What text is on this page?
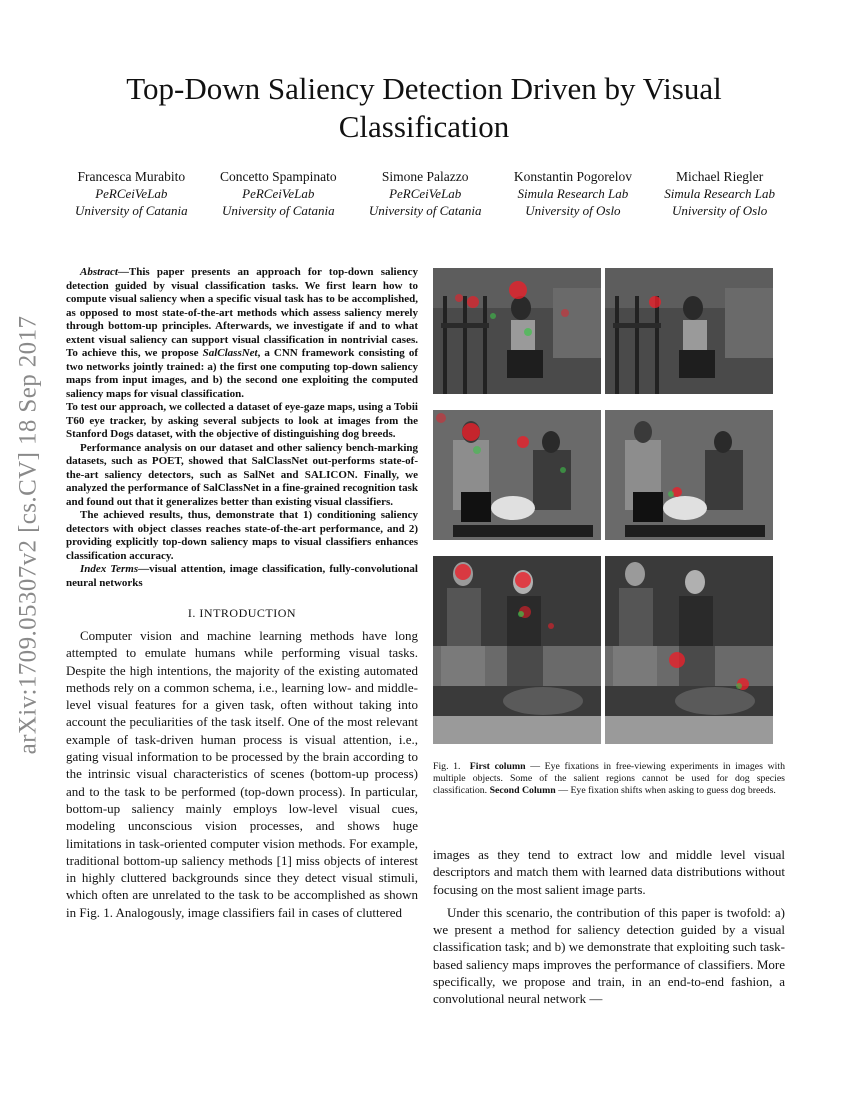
arXiv:1709.05307v2 [cs.CV] 18 Sep 2017
Top-Down Saliency Detection Driven by Visual Classification
Francesca Murabito
PeRCeiVeLab
University of Catania
Concetto Spampinato
PeRCeiVeLab
University of Catania
Simone Palazzo
PeRCeiVeLab
University of Catania
Konstantin Pogorelov
Simula Research Lab
University of Oslo
Michael Riegler
Simula Research Lab
University of Oslo

Abstract—This paper presents an approach for top-down saliency detection guided by visual classification tasks. We first learn how to compute visual saliency when a specific visual task has to be accomplished, as opposed to most state-of-the-art methods which assess saliency merely through bottom-up principles. Afterwards, we investigate if and to what extent visual saliency can support visual classification in nontrivial cases. To achieve this, we propose SalClassNet, a CNN framework consisting of two networks jointly trained: a) the first one computing top-down saliency maps from input images, and b) the second one exploiting the computed saliency maps for visual classification.

To test our approach, we collected a dataset of eye-gaze maps, using a Tobii T60 eye tracker, by asking several subjects to look at images from the Stanford Dogs dataset, with the objective of distinguishing dog breeds.

Performance analysis on our dataset and other saliency bench-marking datasets, such as POET, showed that SalClassNet out-performs state-of-the-art saliency detectors, such as SalNet and SALICON. Finally, we analyzed the performance of SalClassNet in a fine-grained recognition task and found out that it generalizes better than existing visual classifiers.

The achieved results, thus, demonstrate that 1) conditioning saliency detectors with object classes reaches state-of-the-art performance, and 2) providing explicitly top-down saliency maps to visual classifiers enhances classification accuracy.

Index Terms—visual attention, image classification, fully-convolutional neural networks

I. INTRODUCTION

Computer vision and machine learning methods have long attempted to emulate humans while performing visual tasks. Despite the high intentions, the majority of the existing automated methods rely on a common schema, i.e., learning low- and middle-level visual features for a given task, often without taking into account the peculiarities of the task itself. One of the most relevant example of task-driven human process is visual attention, i.e., gating visual information to be processed by the brain according to the intrinsic visual characteristics of scenes (bottom-up process) and to the task to be performed (top-down process). In particular, bottom-up saliency mainly employs low-level visual cues, modeling unconscious vision processes, and shows huge limitations in task-oriented computer vision methods. For example, traditional bottom-up saliency methods [1] miss objects of interest in highly cluttered backgrounds since they detect visual stimuli, which often are unrelated to the task to be accomplished as shown in Fig. 1. Analogously, image classifiers fail in cases of cluttered

Fig. 1. First column — Eye fixations in free-viewing experiments in images with multiple objects. Some of the salient regions cannot be used for dog species classification. Second Column — Eye fixation shifts when asking to guess dog breeds.

images as they tend to extract low and middle level visual descriptors and match them with learned data distributions without focusing on the most salient image parts.

Under this scenario, the contribution of this paper is twofold: a) we present a method for saliency detection guided by a visual classification task; and b) we demonstrate that exploiting such task-based saliency maps improves the performance of classifiers. More specifically, we propose and train, in an end-to-end fashion, a convolutional neural network —
